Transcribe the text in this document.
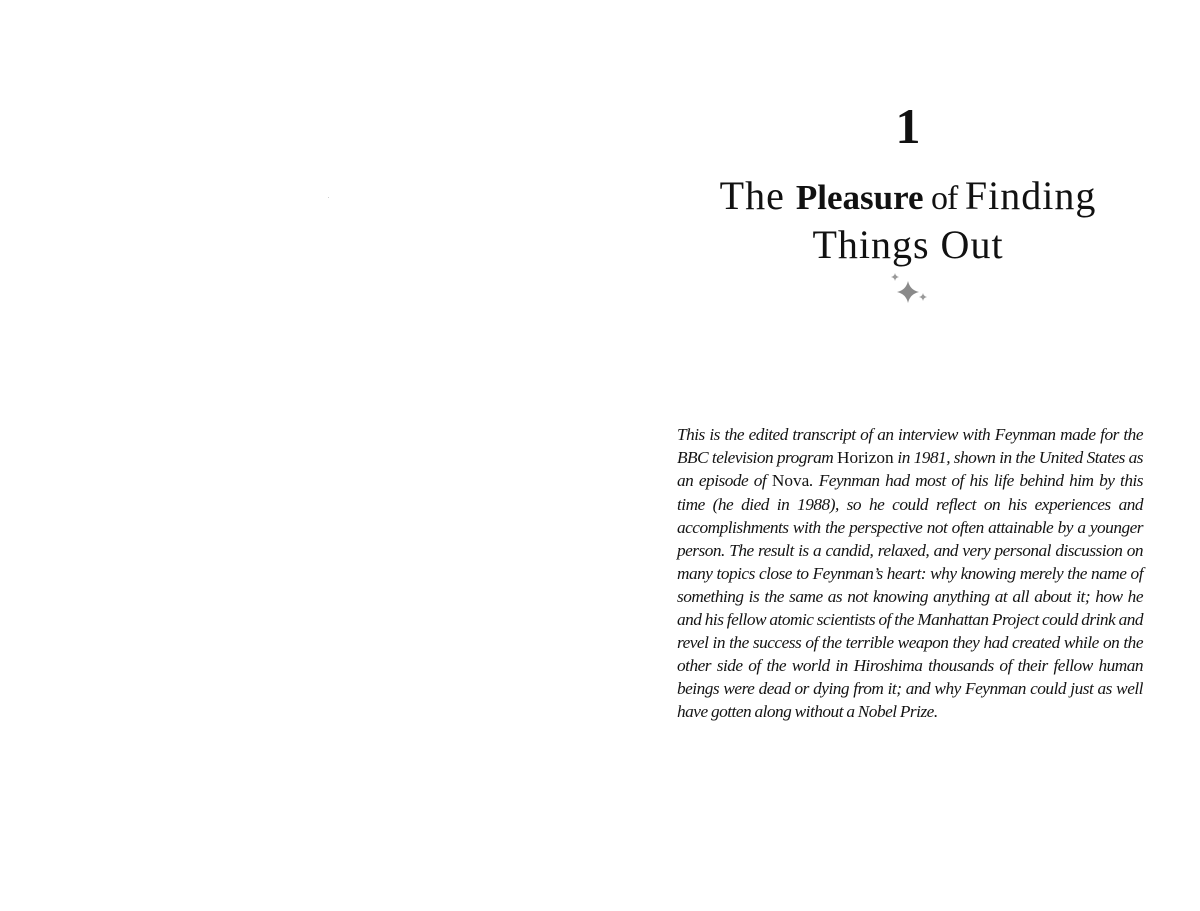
1
The Pleasure of Finding
Things Out

This is the edited transcript of an interview with Feynman made for the BBC television program Horizon in 1981, shown in the United States as an episode of Nova. Feynman had most of his life behind him by this time (he died in 1988), so he could reflect on his experiences and accomplishments with the perspective not often attainable by a younger person. The result is a candid, relaxed, and very personal discussion on many topics close to Feynman’s heart: why knowing merely the name of something is the same as not knowing anything at all about it; how he and his fellow atomic scientists of the Manhattan Project could drink and revel in the success of the terrible weapon they had created while on the other side of the world in Hiroshima thousands of their fellow human beings were dead or dying from it; and why Feynman could just as well have gotten along without a Nobel Prize.
